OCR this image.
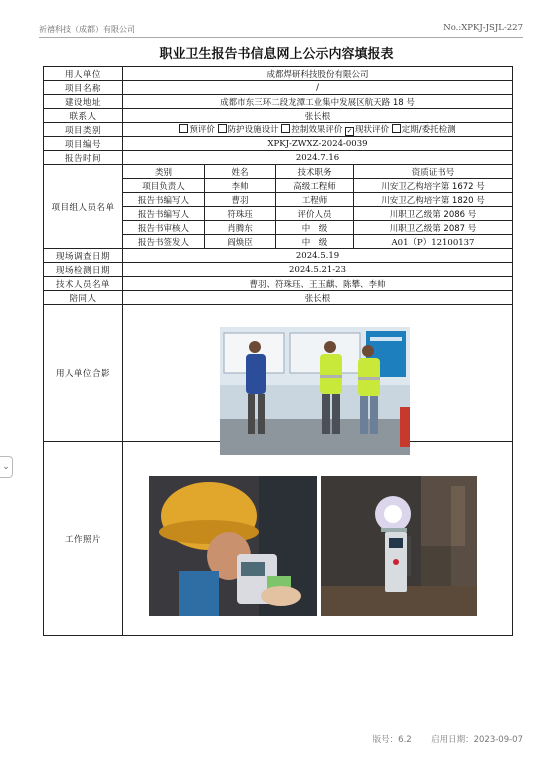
祈禧科技（成都）有限公司	No.:XPKJ-JSJL-227
职业卫生报告书信息网上公示内容填报表
用人单位	成都焊研科技股份有限公司			
项目名称	/			
建设地址	成都市东三环二段龙潭工业集中发展区航天路 18 号			
联系人	张长根			
项目类别	预评价 防护设施设计 控制效果评价 ✓ 现状评价 定期/委托检测			
项目编号	XPKJ-ZWXZ-2024-0039			
报告时间	2024.7.16			
项目组人员名单	类别	姓名	技术职务	资质证书号
	项目负责人	李帅	高级工程师	川安卫乙构培字第 1672 号
	报告书编写人	曹羽	工程师	川安卫乙构培字第 1820 号
	报告书编写人	符珠珏	评价人员	川职卫乙级第 2086 号
	报告书审核人	肖腾东	中　级	川职卫乙级第 2087 号
	报告书签发人	阎焕臣	中　级	A01（P）12100137
现场调查日期	2024.5.19			
现场检测日期	2024.5.21-23			
技术人员名单	曹羽、符珠珏、王玉麒、陈攀、李帅			
陪同人	张长根			
用人单位合影				
工作照片				
⌄
版号：6.2 启用日期：2023-09-07
